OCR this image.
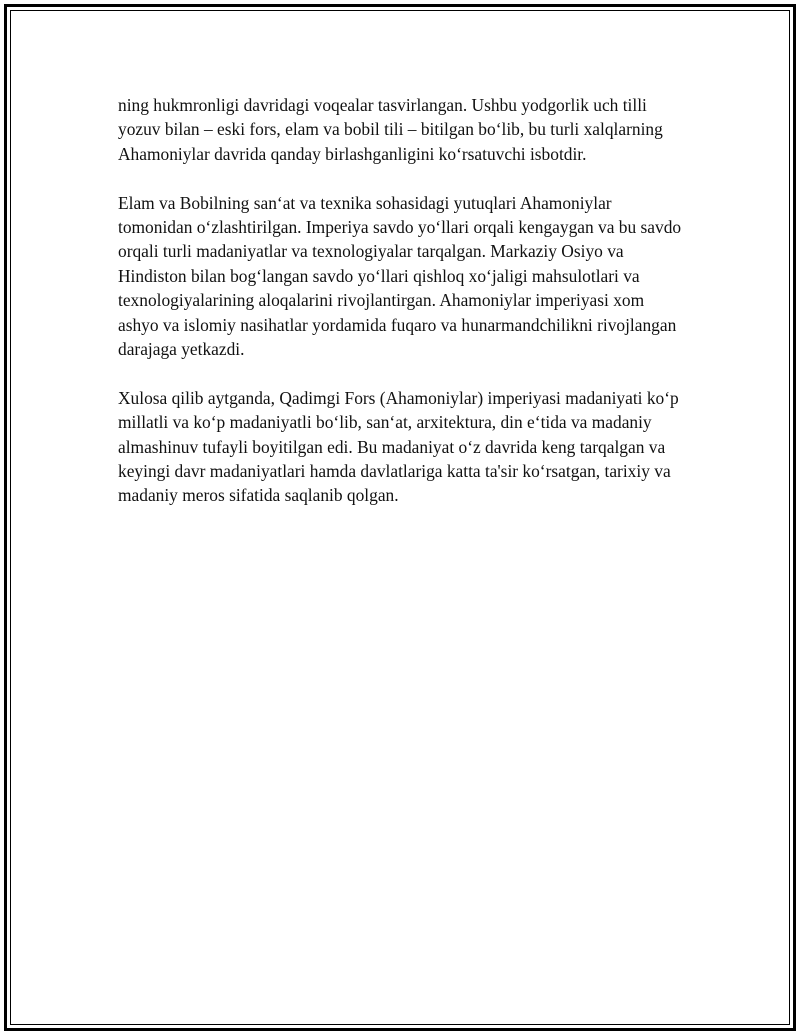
ning hukmronligi davridagi voqealar tasvirlangan. Ushbu yodgorlik uch tilli yozuv bilan – eski fors, elam va bobil tili – bitilgan boʻlib, bu turli xalqlarning Ahamoniylar davrida qanday birlashganligini koʻrsatuvchi isbotdir.

Elam va Bobilning sanʻat va texnika sohasidagi yutuqlari Ahamoniylar tomonidan oʻzlashtirilgan. Imperiya savdo yoʻllari orqali kengaygan va bu savdo orqali turli madaniyatlar va texnologiyalar tarqalgan. Markaziy Osiyo va Hindiston bilan bogʻlangan savdo yoʻllari qishloq xoʻjaligi mahsulotlari va texnologiyalarining aloqalarini rivojlantirgan. Ahamoniylar imperiyasi xom ashyo va islomiy nasihatlar yordamida fuqaro va hunarmandchilikni rivojlangan darajaga yetkazdi.

Xulosa qilib aytganda, Qadimgi Fors (Ahamoniylar) imperiyasi madaniyati koʻp millatli va koʻp madaniyatli boʻlib, sanʻat, arxitektura, din eʻtida va madaniy almashinuv tufayli boyitilgan edi. Bu madaniyat oʻz davrida keng tarqalgan va keyingi davr madaniyatlari hamda davlatlariga katta ta'sir koʻrsatgan, tarixiy va madaniy meros sifatida saqlanib qolgan.
